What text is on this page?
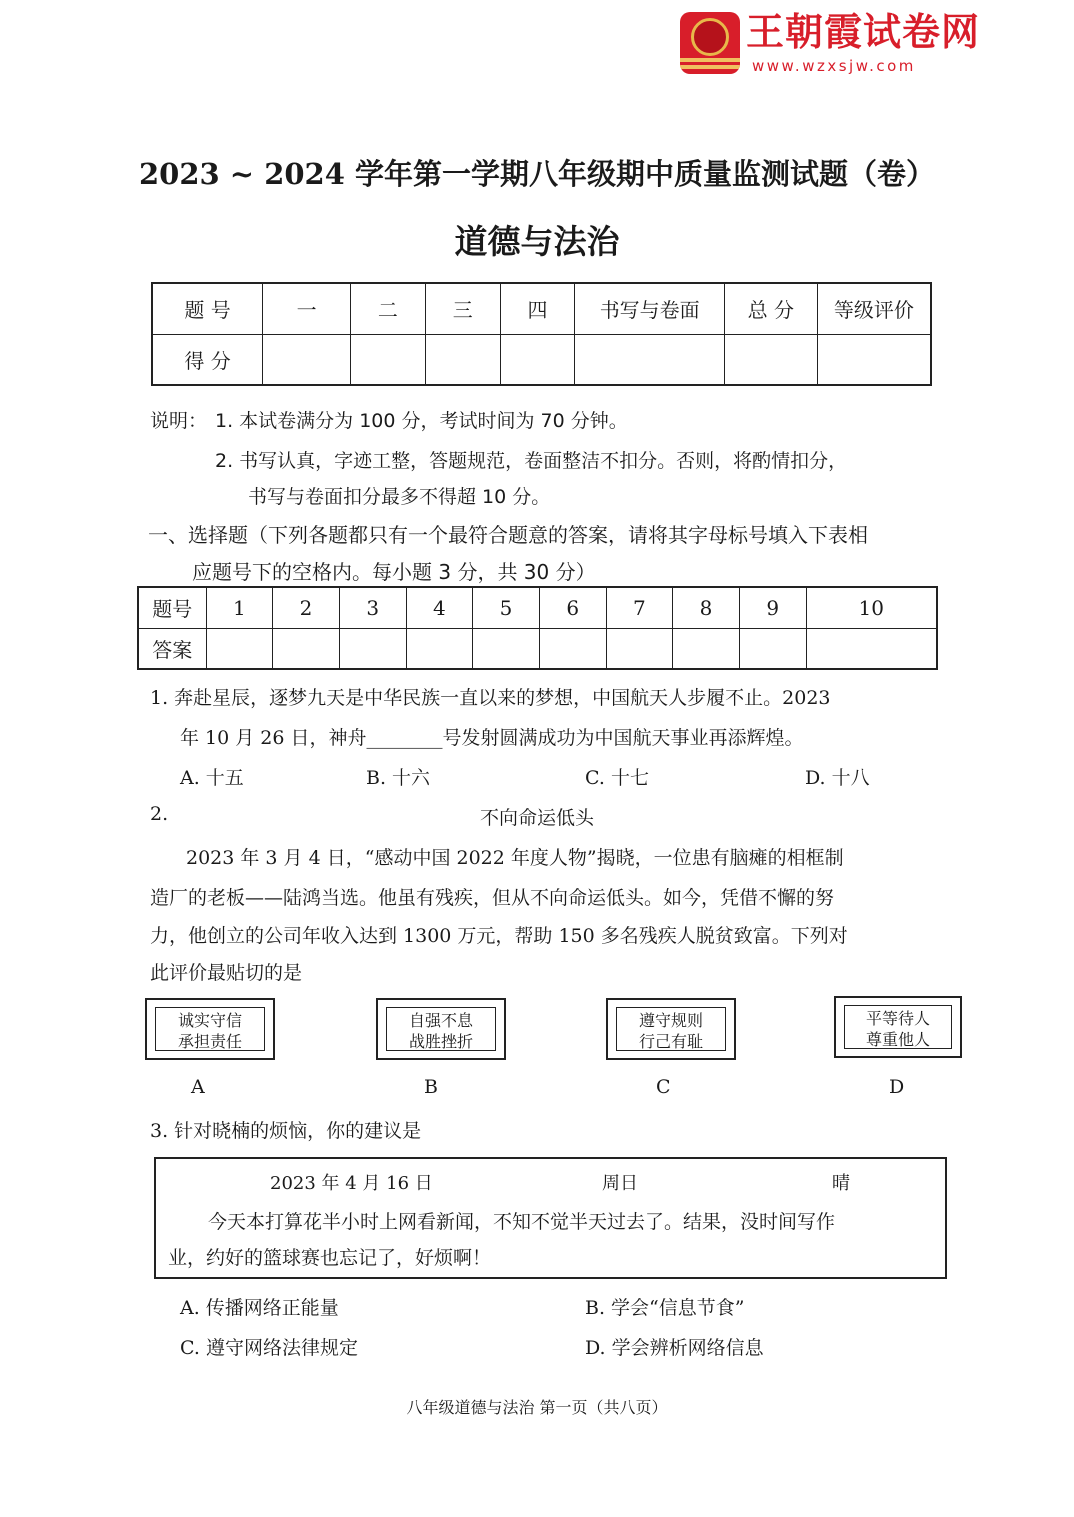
王朝霞试卷网
www.wzxsjw.com
2023 ~ 2024 学年第一学期八年级期中质量监测试题（卷）
道德与法治
题 号	一	二	三	四	书写与卷面	总 分	等级评价
得 分							
说明： 1. 本试卷满分为 100 分，考试时间为 70 分钟。
2. 书写认真，字迹工整，答题规范，卷面整洁不扣分。否则，将酌情扣分，
书写与卷面扣分最多不得超 10 分。
一、选择题（下列各题都只有一个最符合题意的答案，请将其字母标号填入下表相
应题号下的空格内。每小题 3 分，共 30 分）
题号	1	2	3	4	5	6	7	8	9	10
答案										
1. 奔赴星辰，逐梦九天是中华民族一直以来的梦想，中国航天人步履不止。2023
年 10 月 26 日，神舟________号发射圆满成功为中国航天事业再添辉煌。
A. 十五	B. 十六	C. 十七	D. 十八
2.	不向命运低头
2023 年 3 月 4 日，“感动中国 2022 年度人物”揭晓，一位患有脑瘫的相框制
造厂的老板——陆鸿当选。他虽有残疾，但从不向命运低头。如今，凭借不懈的努
力，他创立的公司年收入达到 1300 万元，帮助 150 多名残疾人脱贫致富。下列对
此评价最贴切的是
诚实守信
承担责任
自强不息
战胜挫折
遵守规则
行己有耻
平等待人
尊重他人
A	B	C	D
3. 针对晓楠的烦恼，你的建议是
2023 年 4 月 16 日	周日	晴
今天本打算花半小时上网看新闻，不知不觉半天过去了。结果，没时间写作
业，约好的篮球赛也忘记了，好烦啊！
A. 传播网络正能量	B. 学会“信息节食”
C. 遵守网络法律规定	D. 学会辨析网络信息
八年级道德与法治 第一页（共八页）
